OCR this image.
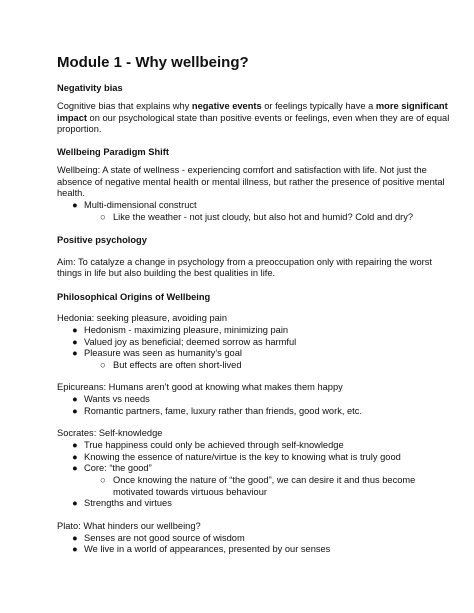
Module 1 - Why wellbeing?

Negativity bias

Cognitive bias that explains why negative events or feelings typically have a more significant

impact on our psychological state than positive events or feelings, even when they are of equal

proportion.

Wellbeing Paradigm Shift

Wellbeing: A state of wellness - experiencing comfort and satisfaction with life. Not just the

absence of negative mental health or mental illness, but rather the presence of positive mental

health.

● Multi-dimensional construct
○ Like the weather - not just cloudy, but also hot and humid? Cold and dry?

Positive psychology

Aim: To catalyze a change in psychology from a preoccupation only with repairing the worst

things in life but also building the best qualities in life.

Philosophical Origins of Wellbeing

Hedonia: seeking pleasure, avoiding pain

● Hedonism - maximizing pleasure, minimizing pain
● Valued joy as beneficial; deemed sorrow as harmful
● Pleasure was seen as humanity’s goal
○ But effects are often short-lived

Epicureans: Humans aren’t good at knowing what makes them happy

● Wants vs needs
● Romantic partners, fame, luxury rather than friends, good work, etc.

Socrates: Self-knowledge

● True happiness could only be achieved through self-knowledge
● Knowing the essence of nature/virtue is the key to knowing what is truly good
● Core: “the good”
○ Once knowing the nature of “the good”, we can desire it and thus become

motivated towards virtuous behaviour

● Strengths and virtues

Plato: What hinders our wellbeing?

● Senses are not good source of wisdom
● We live in a world of appearances, presented by our senses
